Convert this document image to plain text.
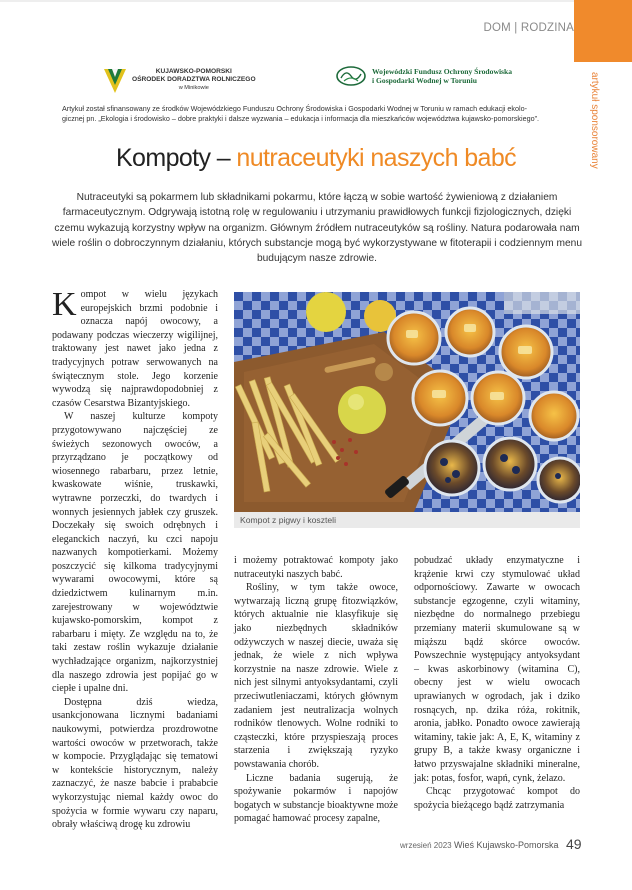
DOM | RODZINA
artykuł sponsorowany
KUJAWSKO-POMORSKI
OŚRODEK DORADZTWA ROLNICZEGO
w Minikowie
Wojewódzki Fundusz Ochrony Środowiska
i Gospodarki Wodnej w Toruniu
Artykuł został sfinansowany ze środków Wojewódzkiego Funduszu Ochrony Środowiska i Gospodarki Wodnej w Toruniu w ramach edukacji ekolo-
gicznej pn. „Ekologia i środowisko – dobre praktyki i dalsze wyzwania – edukacja i informacja dla mieszkańców województwa kujawsko-pomorskiego”.
Kompoty – nutraceutyki naszych babć
Nutraceutyki są pokarmem lub składnikami pokarmu, które łączą w sobie wartość żywieniową z działaniem farmaceutycznym. Odgrywają istotną rolę w regulowaniu i utrzymaniu prawidłowych funkcji fizjologicznych, dzięki czemu wykazują korzystny wpływ na organizm. Głównym źródłem nutraceutyków są rośliny. Natura podarowała nam wiele roślin o dobroczynnym działaniu, których substancje mogą być wykorzystywane w fitoterapii i codziennym menu budującym nasze zdrowie.

Kompot w wielu językach europejskich brzmi podobnie i oznacza napój owocowy, a podawany podczas wieczerzy wigilijnej, traktowany jest nawet jako jedna z tradycyjnych potraw serwowanych na świątecznym stole. Jego korzenie wywodzą się najprawdopodobniej z czasów Cesarstwa Bizantyjskiego.

W naszej kulturze kompoty przygotowywano najczęściej ze świeżych sezonowych owoców, a przyrządzano je początkowy od wiosennego rabarbaru, przez letnie, kwaskowate wiśnie, truskawki, wytrawne porzeczki, do twardych i wonnych jesiennych jabłek czy gruszek. Doczekały się swoich odrębnych i eleganckich naczyń, ku czci napoju nazwanych kompotierkami. Możemy poszczycić się kilkoma tradycyjnymi wywarami owocowymi, które są dziedzictwem kulinarnym m.in. zarejestrowany w województwie kujawsko-pomorskim, kompot z rabarbaru i mięty. Ze względu na to, że taki zestaw roślin wykazuje działanie wychładzające organizm, najkorzystniej dla naszego zdrowia jest popijać go w ciepłe i upalne dni.

Dostępna dziś wiedza, usankcjonowana licznymi badaniami naukowymi, potwierdza prozdrowotne wartości owoców w przetworach, także w kompocie. Przyglądając się tematowi w kontekście historycznym, należy zaznaczyć, że nasze babcie i prababcie wykorzystując niemal każdy owoc do spożycia w formie wywaru czy naparu, obrały właściwą drogę ku zdrowiu

Kompot z pigwy i koszteli

i możemy potraktować kompoty jako nutraceutyki naszych babć.

Rośliny, w tym także owoce, wytwarzają liczną grupę fitozwiązków, których aktualnie nie klasyfikuje się jako niezbędnych składników odżywczych w naszej diecie, uważa się jednak, że wiele z nich wpływa korzystnie na nasze zdrowie. Wiele z nich jest silnymi antyoksydantami, czyli przeciwutleniaczami, których głównym zadaniem jest neutralizacja wolnych rodników tlenowych. Wolne rodniki to cząsteczki, które przyspieszają proces starzenia i zwiększają ryzyko powstawania chorób.

Liczne badania sugerują, że spożywanie pokarmów i napojów bogatych w substancje bioaktywne może pomagać hamować procesy zapalne,

pobudzać układy enzymatyczne i krążenie krwi czy stymulować układ odpornościowy. Zawarte w owocach substancje egzogenne, czyli witaminy, niezbędne do normalnego przebiegu przemiany materii skumulowane są w miąższu bądź skórce owoców. Powszechnie występujący antyoksydant – kwas askorbinowy (witamina C), obecny jest w wielu owocach uprawianych w ogrodach, jak i dziko rosnących, np. dzika róża, rokitnik, aronia, jabłko. Ponadto owoce zawierają witaminy, takie jak: A, E, K, witaminy z grupy B, a także kwasy organiczne i łatwo przyswajalne składniki mineralne, jak: potas, fosfor, wapń, cynk, żelazo.

Chcąc przygotować kompot do spożycia bieżącego bądź zatrzymania

wrzesień 2023 Wieś Kujawsko-Pomorska 49
